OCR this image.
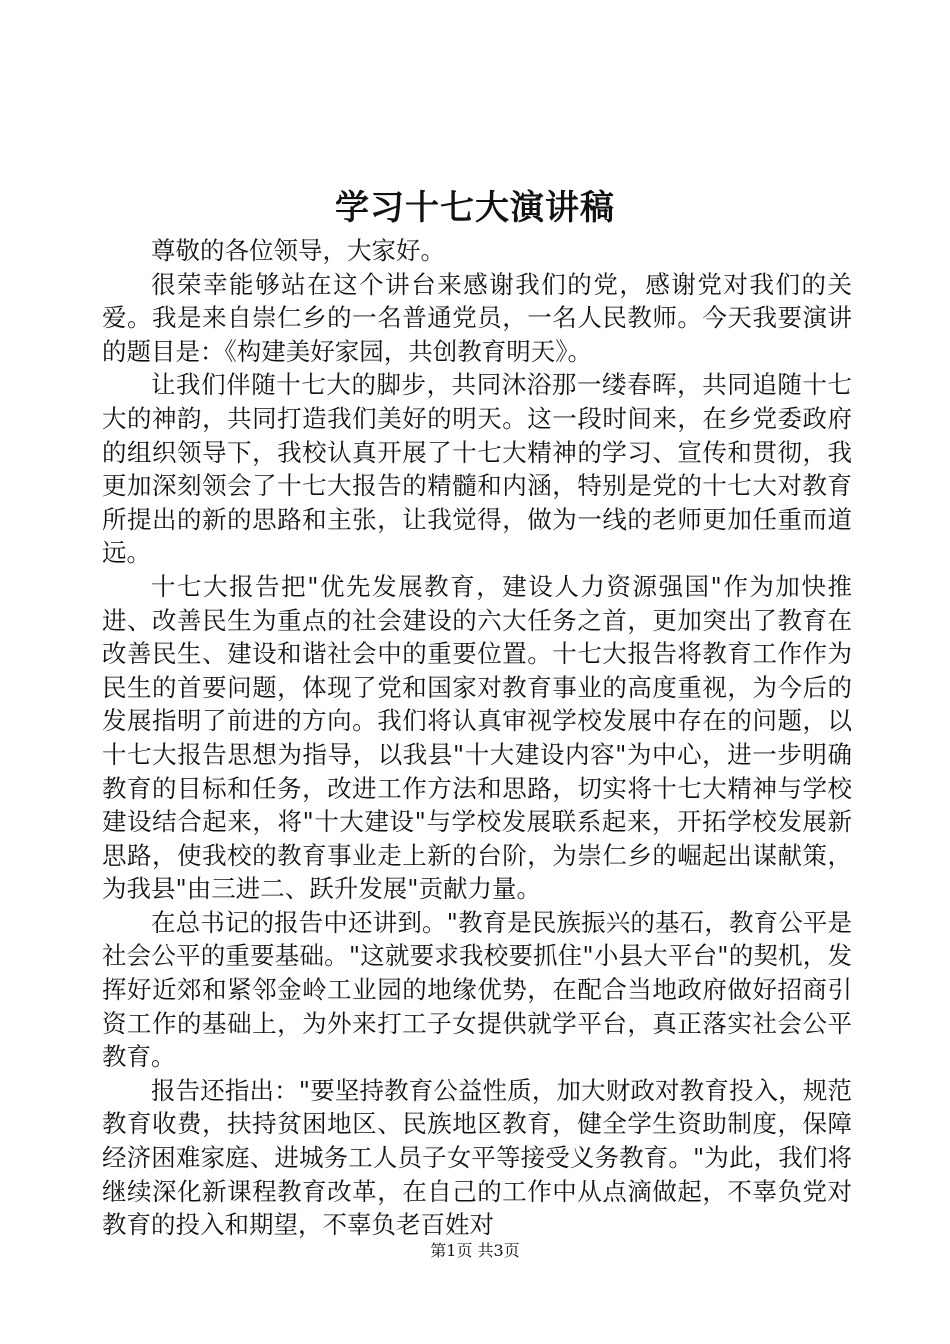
学习十七大演讲稿

尊敬的各位领导，大家好。

很荣幸能够站在这个讲台来感谢我们的党，感谢党对我们的关爱。我是来自崇仁乡的一名普通党员，一名人民教师。今天我要演讲的题目是：《构建美好家园，共创教育明天》。

让我们伴随十七大的脚步，共同沐浴那一缕春晖，共同追随十七大的神韵，共同打造我们美好的明天。这一段时间来，在乡党委政府的组织领导下，我校认真开展了十七大精神的学习、宣传和贯彻，我更加深刻领会了十七大报告的精髓和内涵，特别是党的十七大对教育所提出的新的思路和主张，让我觉得，做为一线的老师更加任重而道远。

十七大报告把"优先发展教育，建设人力资源强国"作为加快推进、改善民生为重点的社会建设的六大任务之首，更加突出了教育在改善民生、建设和谐社会中的重要位置。十七大报告将教育工作作为民生的首要问题，体现了党和国家对教育事业的高度重视，为今后的发展指明了前进的方向。我们将认真审视学校发展中存在的问题，以十七大报告思想为指导，以我县"十大建设内容"为中心，进一步明确教育的目标和任务，改进工作方法和思路，切实将十七大精神与学校建设结合起来，将"十大建设"与学校发展联系起来，开拓学校发展新思路，使我校的教育事业走上新的台阶，为崇仁乡的崛起出谋献策，为我县"由三进二、跃升发展"贡献力量。

在总书记的报告中还讲到。"教育是民族振兴的基石，教育公平是社会公平的重要基础。"这就要求我校要抓住"小县大平台"的契机，发挥好近郊和紧邻金岭工业园的地缘优势，在配合当地政府做好招商引资工作的基础上，为外来打工子女提供就学平台，真正落实社会公平教育。

报告还指出："要坚持教育公益性质，加大财政对教育投入，规范教育收费，扶持贫困地区、民族地区教育，健全学生资助制度，保障经济困难家庭、进城务工人员子女平等接受义务教育。"为此，我们将继续深化新课程教育改革，在自己的工作中从点滴做起，不辜负党对教育的投入和期望，不辜负老百姓对

第1页 共3页
